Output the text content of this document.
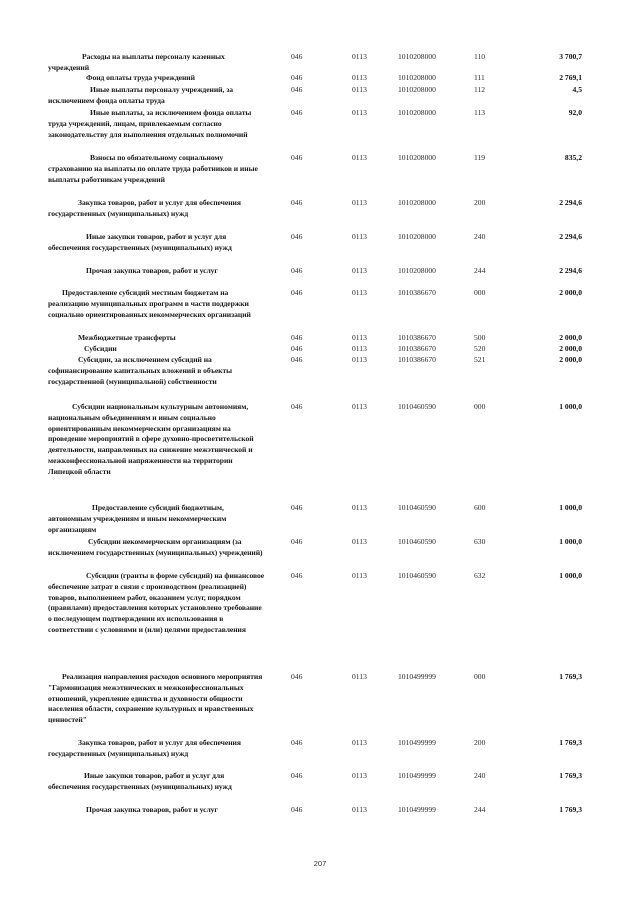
Расходы на выплаты персоналу казенных учреждений
046	0113	1010208000	110	3 700,7
Фонд оплаты труда учреждений	046	0113	1010208000	111	2 769,1
Иные выплаты персоналу учреждений, за исключением фонда оплаты труда
046	0113	1010208000	112	4,5
Иные выплаты, за исключением фонда оплаты труда учреждений, лицам, привлекаемым согласно законодательству для выполнения отдельных полномочий
046	0113	1010208000	113	92,0
Взносы по обязательному социальному страхованию на выплаты по оплате труда работников и иные выплаты работникам учреждений
046	0113	1010208000	119	835,2
Закупка товаров, работ и услуг для обеспечения государственных (муниципальных) нужд
046	0113	1010208000	200	2 294,6
Иные закупки товаров, работ и услуг для обеспечения государственных (муниципальных) нужд
046	0113	1010208000	240	2 294,6
Прочая закупка товаров, работ и услуг	046	0113	1010208000	244	2 294,6
Предоставление субсидий местным бюджетам на реализацию муниципальных программ в части поддержки социально ориентированных некоммерческих организаций
046	0113	1010386670	000	2 000,0
Межбюджетные трансферты	046	0113	1010386670	500	2 000,0
Субсидии	046	0113	1010386670	520	2 000,0
Субсидии, за исключением субсидий на софинансирование капитальных вложений в объекты государственной (муниципальной) собственности
046	0113	1010386670	521	2 000,0
Субсидии национальным культурным автономиям, национальным объединениям и иным социально ориентированным некоммерческим организациям на проведение мероприятий в сфере духовно-просветительской деятельности, направленных на снижение межэтнической и межконфессиональной напряженности на территории Липецкой области
046	0113	1010460590	000	1 000,0
Предоставление субсидий бюджетным, автономным учреждениям и иным некоммерческим организациям
046	0113	1010460590	600	1 000,0
Субсидии некоммерческим организациям (за исключением государственных (муниципальных) учреждений)
046	0113	1010460590	630	1 000,0
Субсидии (гранты в форме субсидий) на финансовое обеспечение затрат в связи с производством (реализацией) товаров, выполнением работ, оказанием услуг, порядком (правилами) предоставления которых установлено требование о последующем подтверждении их использования в соответствии с условиями и (или) целями предоставления
046	0113	1010460590	632	1 000,0
Реализация направления расходов основного мероприятия "Гармонизация межэтнических и межконфессиональных отношений, укрепление единства и духовности общности населения области, сохранение культурных и нравственных ценностей"
046	0113	1010499999	000	1 769,3
Закупка товаров, работ и услуг для обеспечения государственных (муниципальных) нужд
046	0113	1010499999	200	1 769,3
Иные закупки товаров, работ и услуг для обеспечения государственных (муниципальных) нужд
046	0113	1010499999	240	1 769,3
Прочая закупка товаров, работ и услуг	046	0113	1010499999	244	1 769,3
207
